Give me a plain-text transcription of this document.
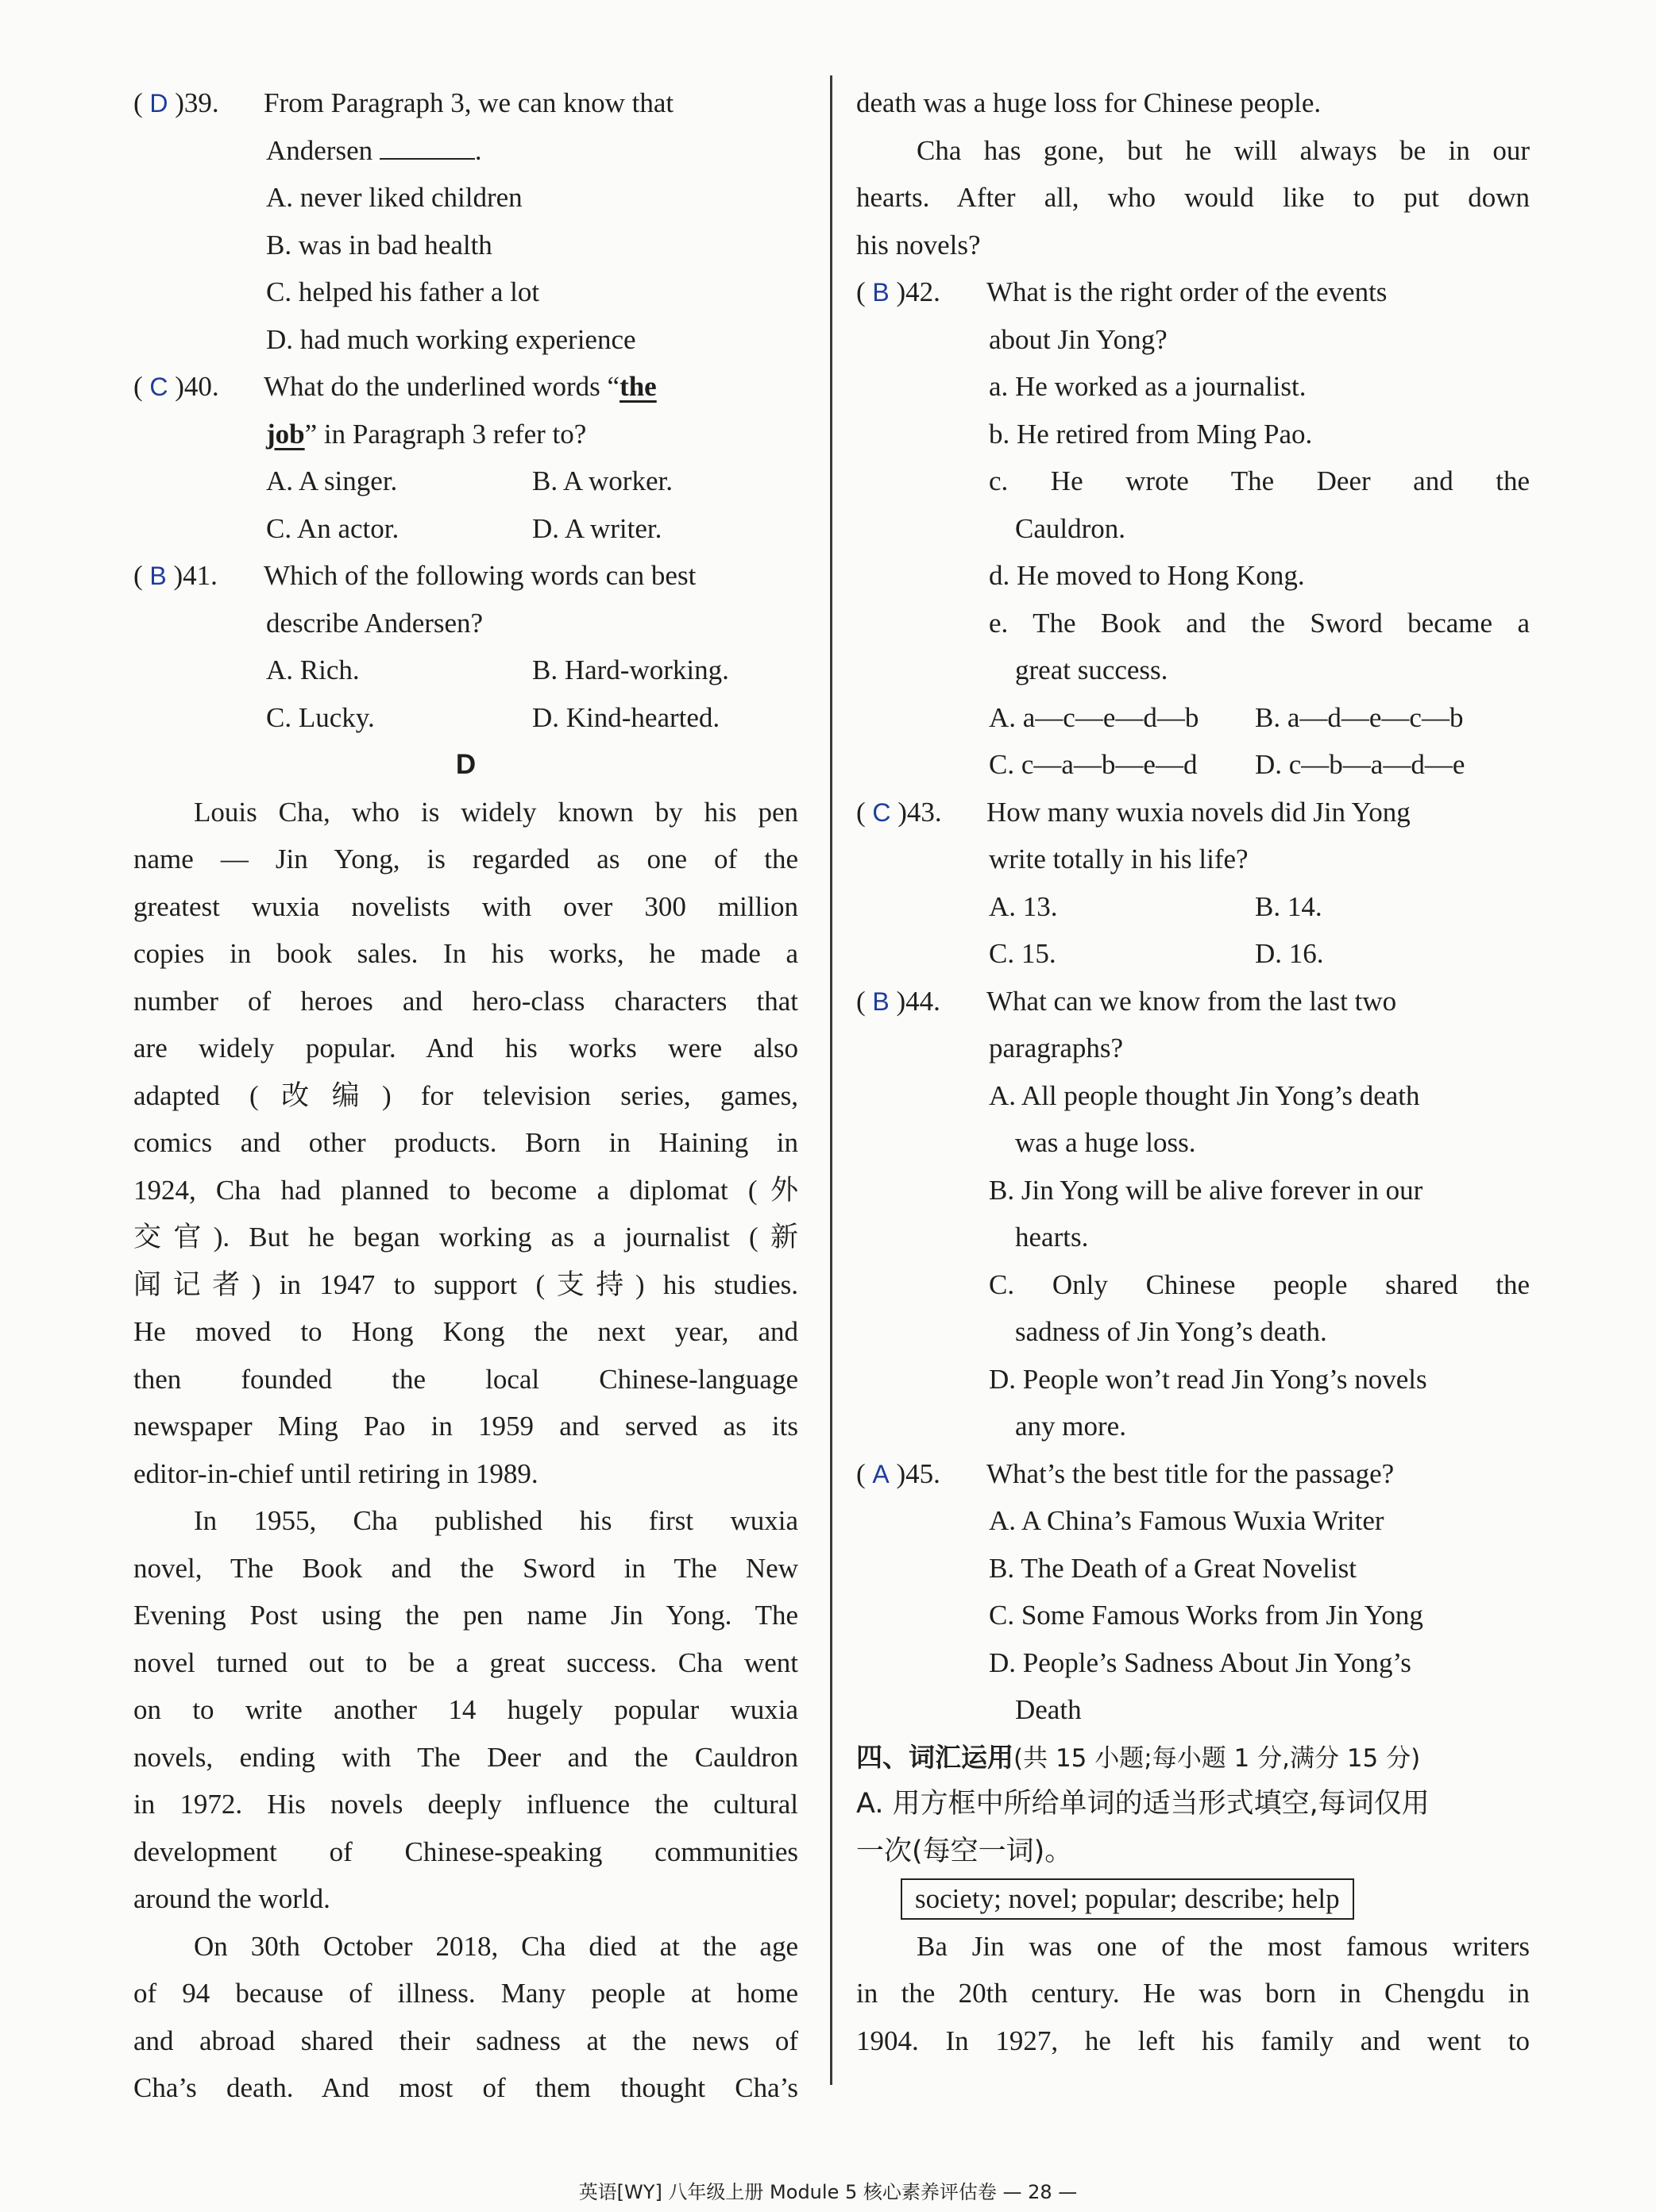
( D )39. From Paragraph 3, we can know that
Andersen	.
A. never liked children
B. was in bad health
C. helped his father a lot
D. had much working experience
( C )40. What do the underlined words “the
job” in Paragraph 3 refer to?
A. A singer.	B. A worker.
C. An actor.	D. A writer.
( B )41. Which of the following words can best
describe Andersen?
A. Rich.	B. Hard-working.
C. Lucky.	D. Kind-hearted.
D
Louis Cha, who is widely known by his pen
name — Jin Yong, is regarded as one of the
greatest wuxia novelists with over 300 million
copies in book sales. In his works, he made a
number of heroes and hero-class characters that
are widely popular. And his works were also
adapted (改编) for television series, games,
comics and other products. Born in Haining in
1924, Cha had planned to become a diplomat (外
交官). But he began working as a journalist (新
闻记者) in 1947 to support (支持) his studies.
He moved to Hong Kong the next year, and
then founded the local Chinese-language
newspaper Ming Pao in 1959 and served as its
editor-in-chief until retiring in 1989.
In 1955, Cha published his first wuxia
novel, The Book and the Sword in The New
Evening Post using the pen name Jin Yong. The
novel turned out to be a great success. Cha went
on to write another 14 hugely popular wuxia
novels, ending with The Deer and the Cauldron
in 1972. His novels deeply influence the cultural
development of Chinese-speaking communities
around the world.
On 30th October 2018, Cha died at the age
of 94 because of illness. Many people at home
and abroad shared their sadness at the news of
Cha’s death. And most of them thought Cha’s
death was a huge loss for Chinese people.
Cha has gone, but he will always be in our
hearts. After all, who would like to put down
his novels?
( B )42. What is the right order of the events
about Jin Yong?
a. He worked as a journalist.
b. He retired from Ming Pao.
c. He wrote The Deer and the
Cauldron.
d. He moved to Hong Kong.
e. The Book and the Sword became a
great success.
A. a—c—e—d—b B. a—d—e—c—b
C. c—a—b—e—d D. c—b—a—d—e
( C )43. How many wuxia novels did Jin Yong
write totally in his life?
A. 13.	B. 14.
C. 15.	D. 16.
( B )44. What can we know from the last two
paragraphs?
A. All people thought Jin Yong’s death
was a huge loss.
B. Jin Yong will be alive forever in our
hearts.
C. Only Chinese people shared the
sadness of Jin Yong’s death.
D. People won’t read Jin Yong’s novels
any more.
( A )45. What’s the best title for the passage?
A. A China’s Famous Wuxia Writer
B. The Death of a Great Novelist
C. Some Famous Works from Jin Yong
D. People’s Sadness About Jin Yong’s
Death
四、词汇运用(共 15 小题;每小题 1 分,满分 15 分)
A. 用方框中所给单词的适当形式填空,每词仅用
一次(每空一词)。
society; novel; popular; describe; help
Ba Jin was one of the most famous writers
in the 20th century. He was born in Chengdu in
1904. In 1927, he left his family and went to
英语[WY] 八年级上册 Module 5 核心素养评估卷 — 28 —
